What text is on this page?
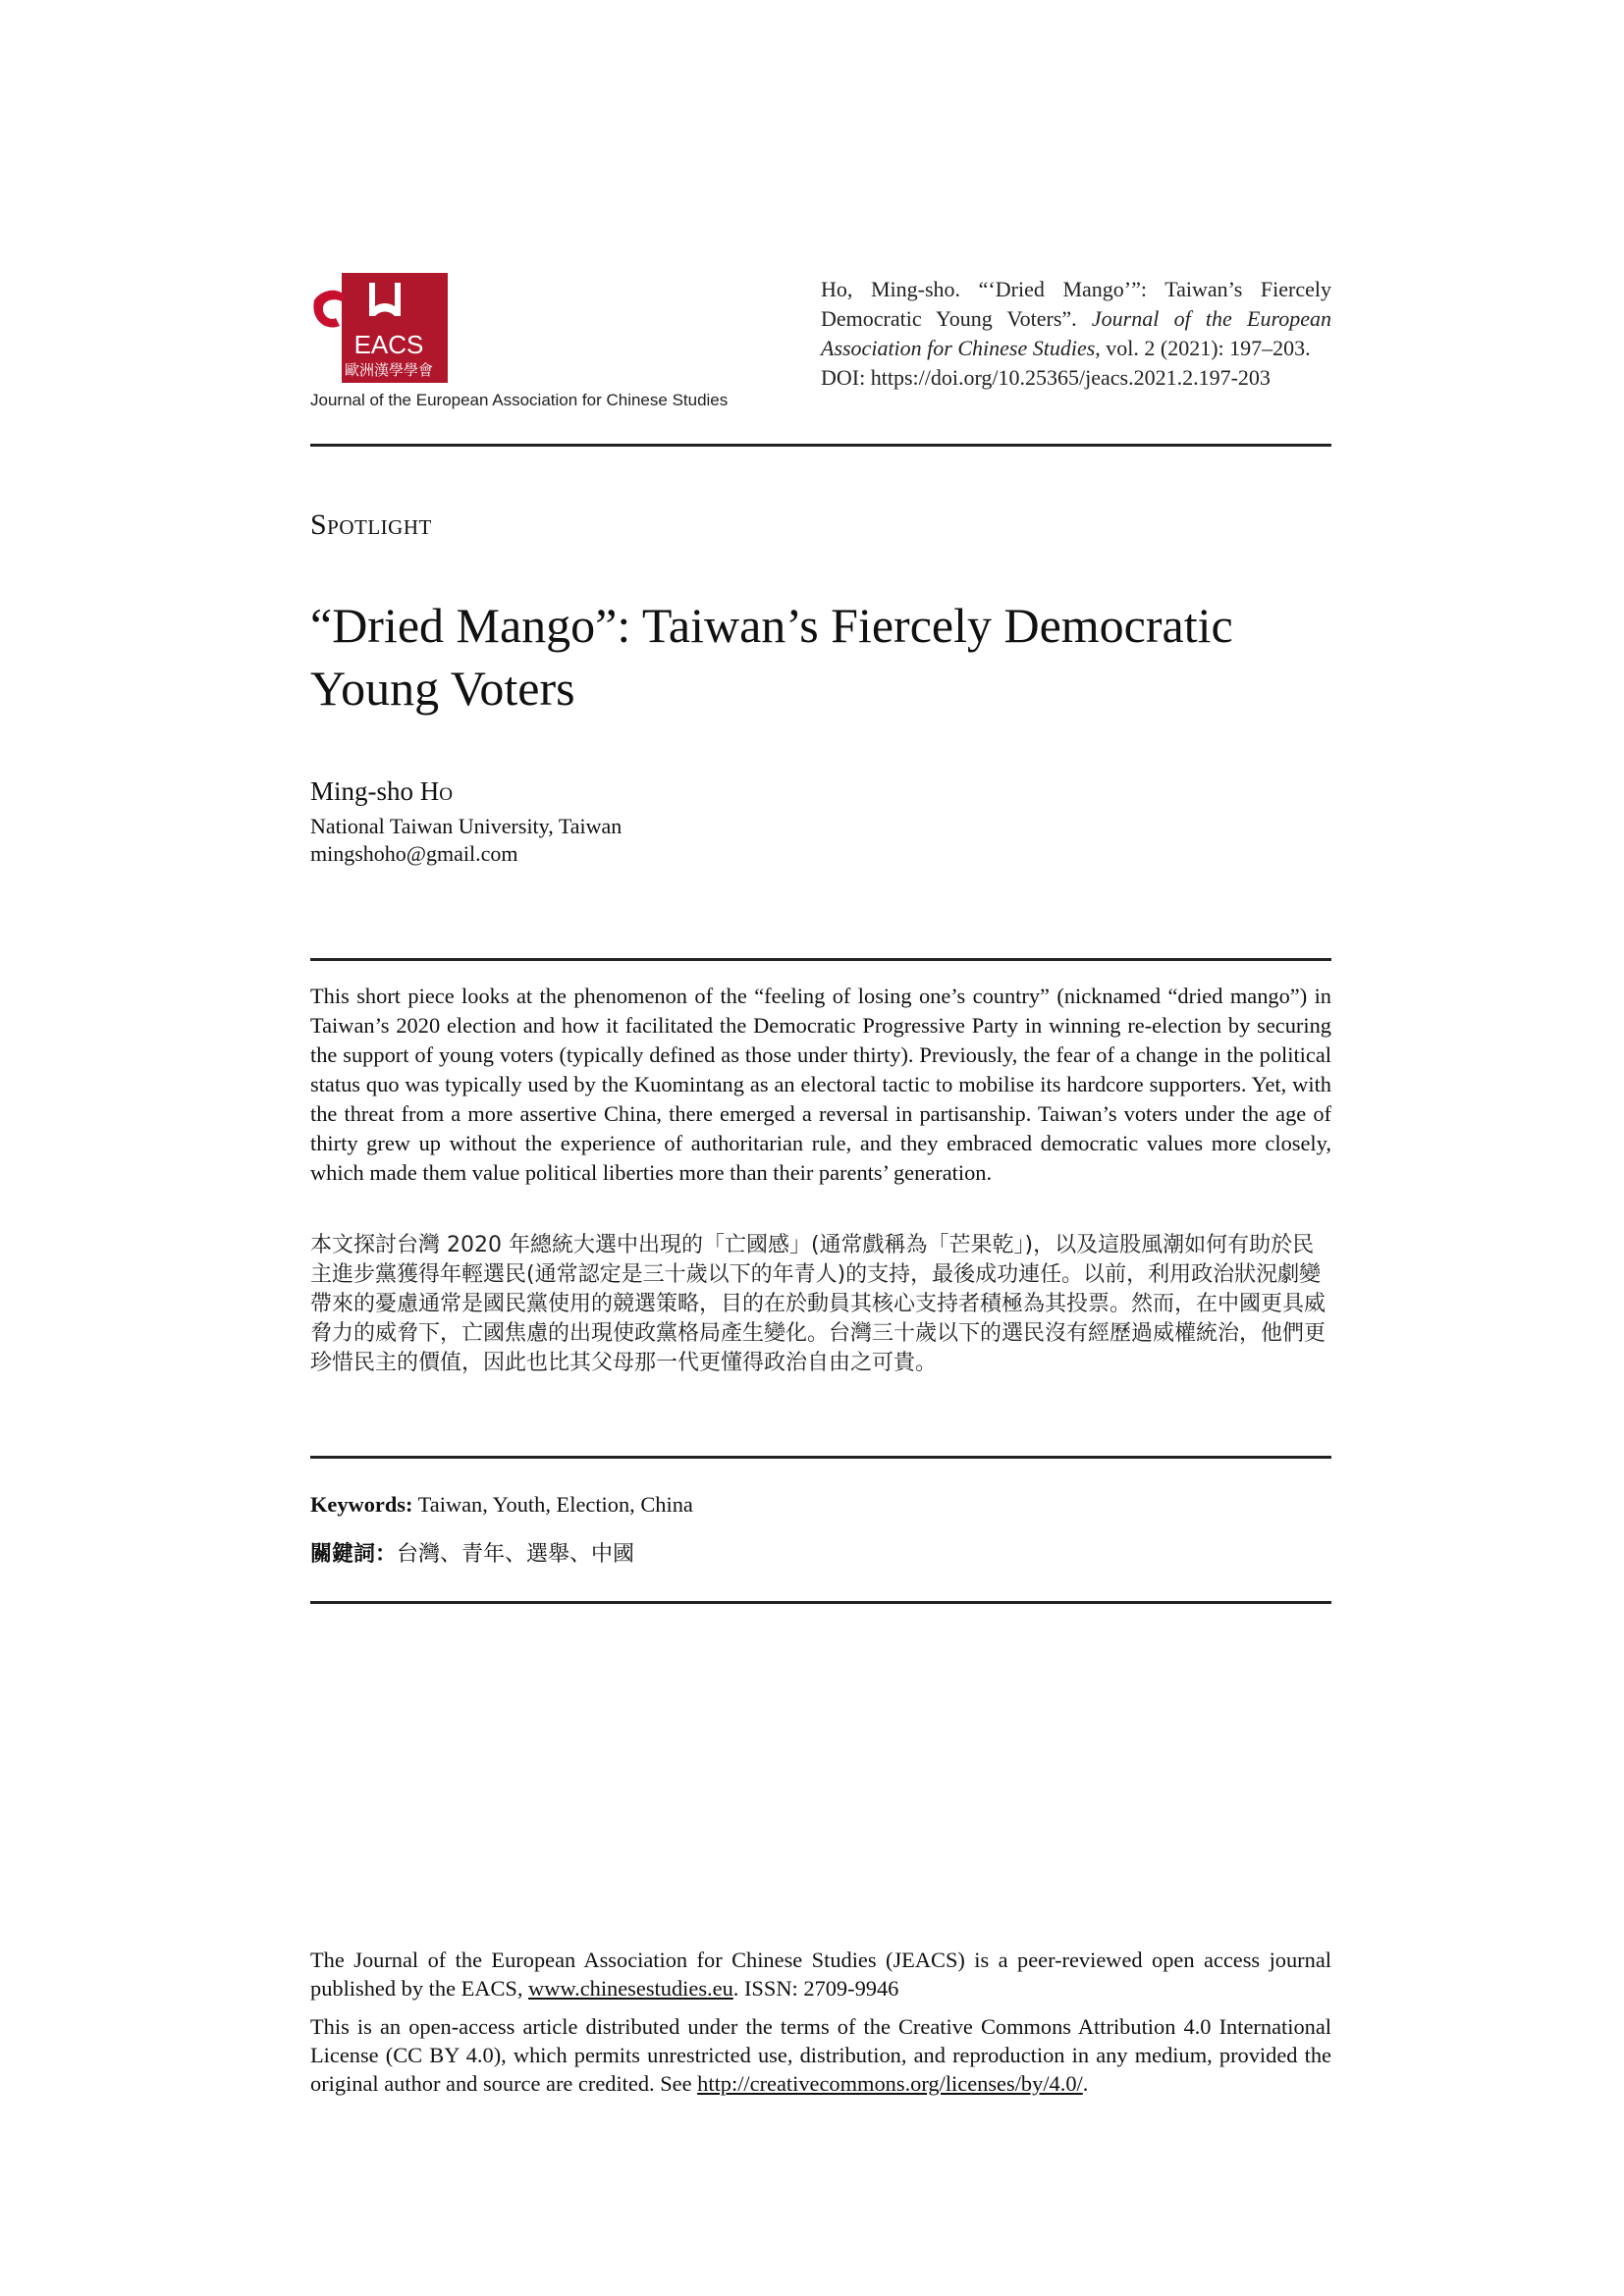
EACS
歐洲漢學學會
Journal of the European Association for Chinese Studies
Ho, Ming-sho. “‘Dried Mango’”: Taiwan’s Fiercely Democratic Young Voters”. Journal of the European Association for Chinese Studies, vol. 2 (2021): 197–203.
DOI: https://doi.org/10.25365/jeacs.2021.2.197-203
Spotlight
“Dried Mango”: Taiwan’s Fiercely Democratic Young Voters
Ming-sho Ho
National Taiwan University, Taiwan
mingshoho@gmail.com

This short piece looks at the phenomenon of the “feeling of losing one’s country” (nicknamed “dried mango”) in Taiwan’s 2020 election and how it facilitated the Democratic Progressive Party in winning re-election by securing the support of young voters (typically defined as those under thirty). Previously, the fear of a change in the political status quo was typically used by the Kuomintang as an electoral tactic to mobilise its hardcore supporters. Yet, with the threat from a more assertive China, there emerged a reversal in partisanship. Taiwan’s voters under the age of thirty grew up without the experience of authoritarian rule, and they embraced democratic values more closely, which made them value political liberties more than their parents’ generation.

本文探討台灣 2020 年總統大選中出現的「亡國感」(通常戲稱為「芒果乾」)，以及這股風潮如何有助於民主進步黨獲得年輕選民(通常認定是三十歲以下的年青人)的支持，最後成功連任。以前，利用政治狀況劇變帶來的憂慮通常是國民黨使用的競選策略，目的在於動員其核心支持者積極為其投票。然而，在中國更具威脅力的威脅下，亡國焦慮的出現使政黨格局產生變化。台灣三十歲以下的選民沒有經歷過威權統治，他們更珍惜民主的價值，因此也比其父母那一代更懂得政治自由之可貴。

Keywords: Taiwan, Youth, Election, China
關鍵詞：台灣、青年、選舉、中國

The Journal of the European Association for Chinese Studies (JEACS) is a peer-reviewed open access journal published by the EACS, www.chinesestudies.eu. ISSN: 2709-9946

This is an open-access article distributed under the terms of the Creative Commons Attribution 4.0 International License (CC BY 4.0), which permits unrestricted use, distribution, and reproduction in any medium, provided the original author and source are credited. See http://creativecommons.org/licenses/by/4.0/.
